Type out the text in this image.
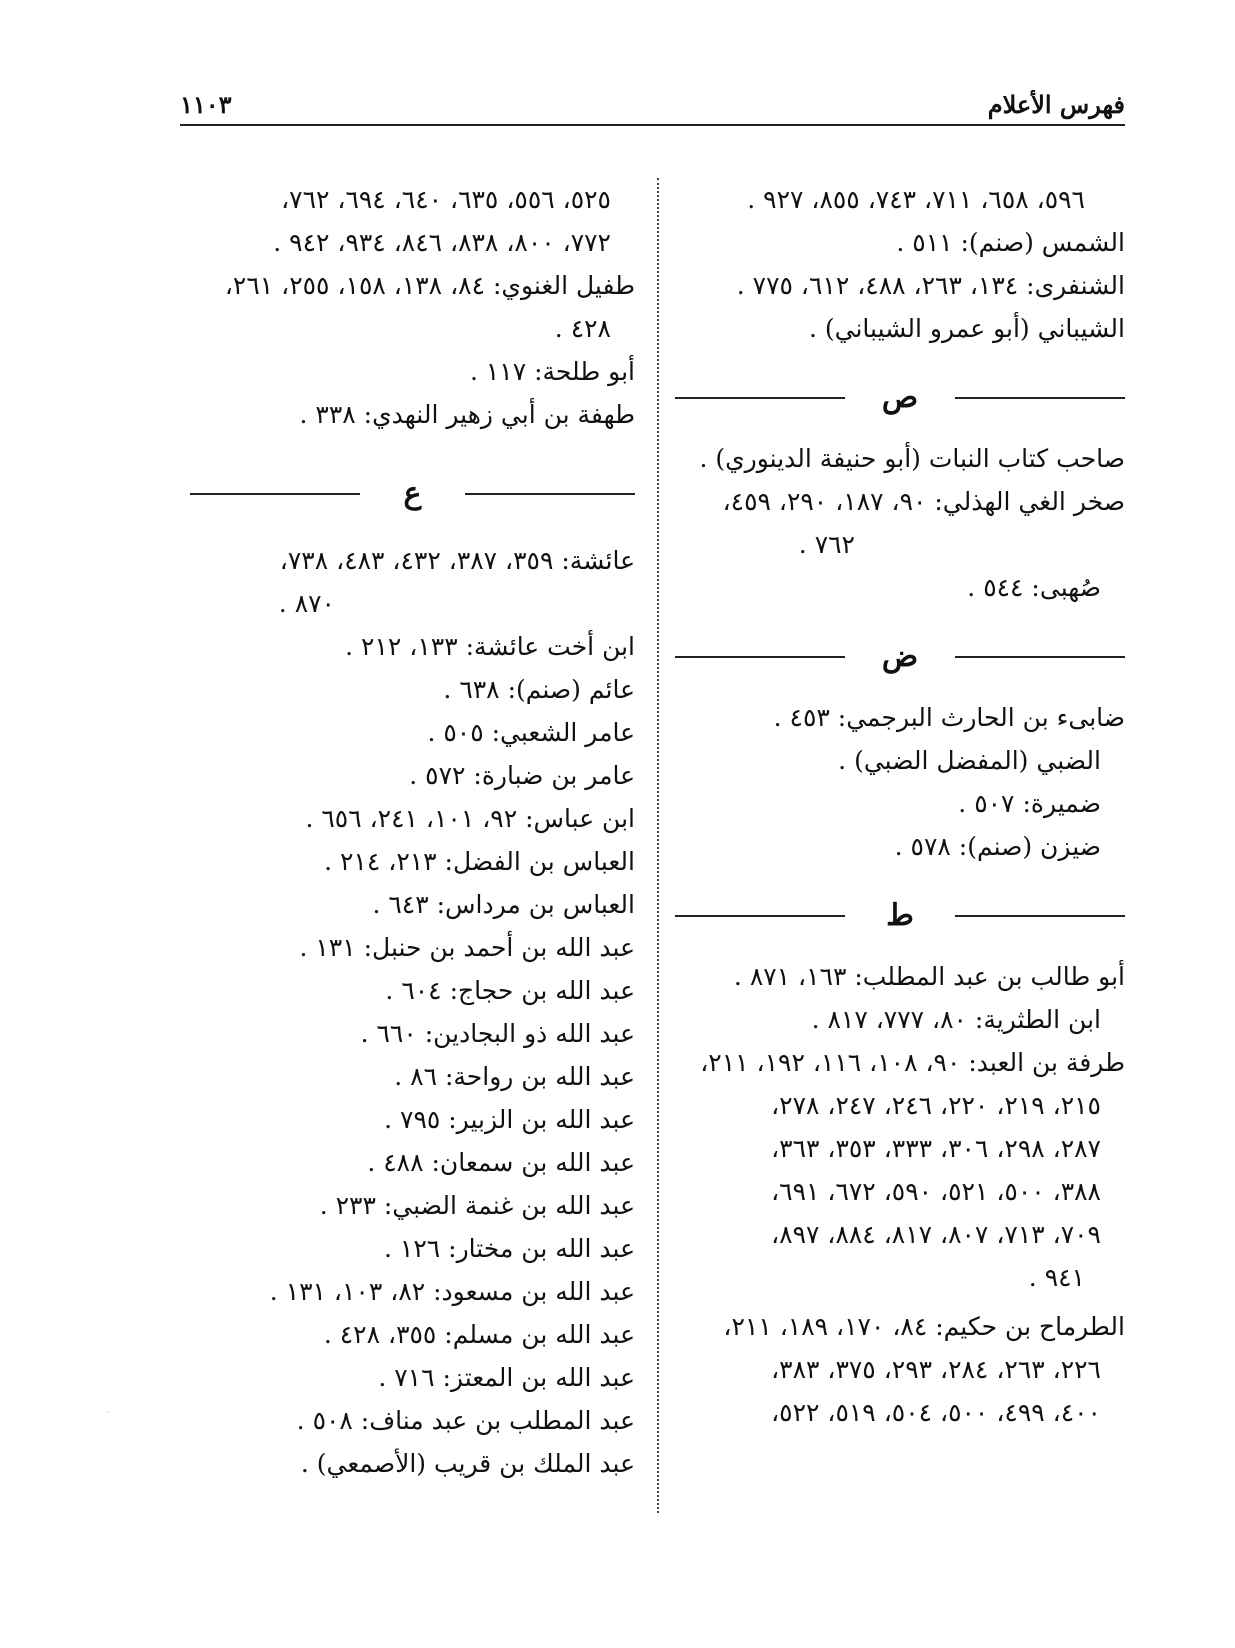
فهرس الأعلام
١١٠٣
٥٩٦، ٦٥٨، ٧١١، ٧٤٣، ٨٥٥، ٩٢٧ .
الشمس (صنم): ٥١١ .
الشنفرى: ١٣٤، ٢٦٣، ٤٨٨، ٦١٢، ٧٧٥ .
الشيباني (أبو عمرو الشيباني) .
ص
صاحب كتاب النبات (أبو حنيفة الدينوري) .
صخر الغي الهذلي: ٩٠، ١٨٧، ٢٩٠، ٤٥٩،
٧٦٢ .
صُهبى: ٥٤٤ .
ض
ضابىء بن الحارث البرجمي: ٤٥٣ .
الضبي (المفضل الضبي) .
ضميرة: ٥٠٧ .
ضيزن (صنم): ٥٧٨ .
ط
أبو طالب بن عبد المطلب: ١٦٣، ٨٧١ .
ابن الطثرية: ٨٠، ٧٧٧، ٨١٧ .
طرفة بن العبد: ٩٠، ١٠٨، ١١٦، ١٩٢، ٢١١،
٢١٥، ٢١٩، ٢٢٠، ٢٤٦، ٢٤٧، ٢٧٨،
٢٨٧، ٢٩٨، ٣٠٦، ٣٣٣، ٣٥٣، ٣٦٣،
٣٨٨، ٥٠٠، ٥٢١، ٥٩٠، ٦٧٢، ٦٩١،
٧٠٩، ٧١٣، ٨٠٧، ٨١٧، ٨٨٤، ٨٩٧،
٩٤١ .
الطرماح بن حكيم: ٨٤، ١٧٠، ١٨٩، ٢١١،
٢٢٦، ٢٦٣، ٢٨٤، ٢٩٣، ٣٧٥، ٣٨٣،
٤٠٠، ٤٩٩، ٥٠٠، ٥٠٤، ٥١٩، ٥٢٢،
٥٢٥، ٥٥٦، ٦٣٥، ٦٤٠، ٦٩٤، ٧٦٢،
٧٧٢، ٨٠٠، ٨٣٨، ٨٤٦، ٩٣٤، ٩٤٢ .
طفيل الغنوي: ٨٤، ١٣٨، ١٥٨، ٢٥٥، ٢٦١،
٤٢٨ .
أبو طلحة: ١١٧ .
طهفة بن أبي زهير النهدي: ٣٣٨ .
ع
عائشة: ٣٥٩، ٣٨٧، ٤٣٢، ٤٨٣، ٧٣٨،
٨٧٠ .
ابن أخت عائشة: ١٣٣، ٢١٢ .
عائم (صنم): ٦٣٨ .
عامر الشعبي: ٥٠٥ .
عامر بن ضبارة: ٥٧٢ .
ابن عباس: ٩٢، ١٠١، ٢٤١، ٦٥٦ .
العباس بن الفضل: ٢١٣، ٢١٤ .
العباس بن مرداس: ٦٤٣ .
عبد الله بن أحمد بن حنبل: ١٣١ .
عبد الله بن حجاج: ٦٠٤ .
عبد الله ذو البجادين: ٦٦٠ .
عبد الله بن رواحة: ٨٦ .
عبد الله بن الزبير: ٧٩٥ .
عبد الله بن سمعان: ٤٨٨ .
عبد الله بن غنمة الضبي: ٢٣٣ .
عبد الله بن مختار: ١٢٦ .
عبد الله بن مسعود: ٨٢، ١٠٣، ١٣١ .
عبد الله بن مسلم: ٣٥٥، ٤٢٨ .
عبد الله بن المعتز: ٧١٦ .
عبد المطلب بن عبد مناف: ٥٠٨ .
عبد الملك بن قريب (الأصمعي) .
·
